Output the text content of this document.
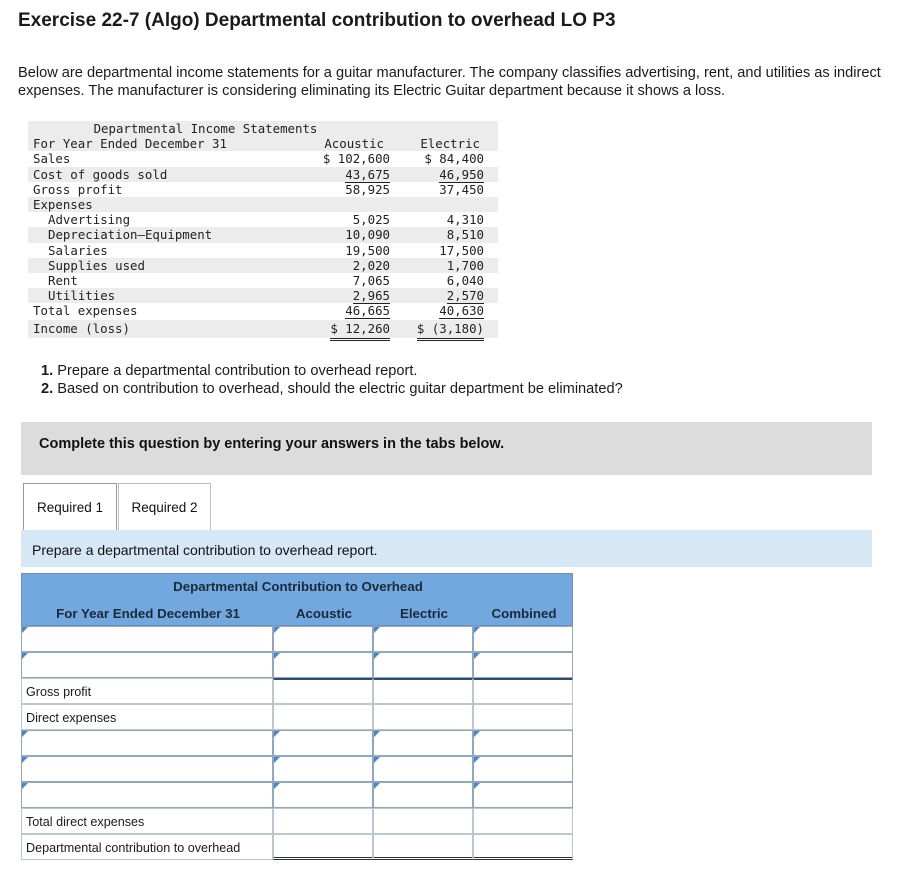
Exercise 22-7 (Algo) Departmental contribution to overhead LO P3
Below are departmental income statements for a guitar manufacturer. The company classifies advertising, rent, and utilities as indirect expenses. The manufacturer is considering eliminating its Electric Guitar department because it shows a loss.
Departmental Income Statements
For Year Ended December 31	Acoustic	Electric
Sales	$ 102,600	$ 84,400
Cost of goods sold	43,675	46,950
Gross profit	58,925	37,450
Expenses
Advertising	5,025	4,310
Depreciation—Equipment	10,090	8,510
Salaries	19,500	17,500
Supplies used	2,020	1,700
Rent	7,065	6,040
Utilities	2,965	2,570
Total expenses	46,665	40,630
Income (loss)	$ 12,260 $ (3,180)
1. Prepare a departmental contribution to overhead report.
2. Based on contribution to overhead, should the electric guitar department be eliminated?
Complete this question by entering your answers in the tabs below.
Required 1	Required 2
Prepare a departmental contribution to overhead report.
Departmental Contribution to Overhead
For Year Ended December 31	Acoustic	Electric	Combined
Gross profit
Direct expenses
Total direct expenses
Departmental contribution to overhead
